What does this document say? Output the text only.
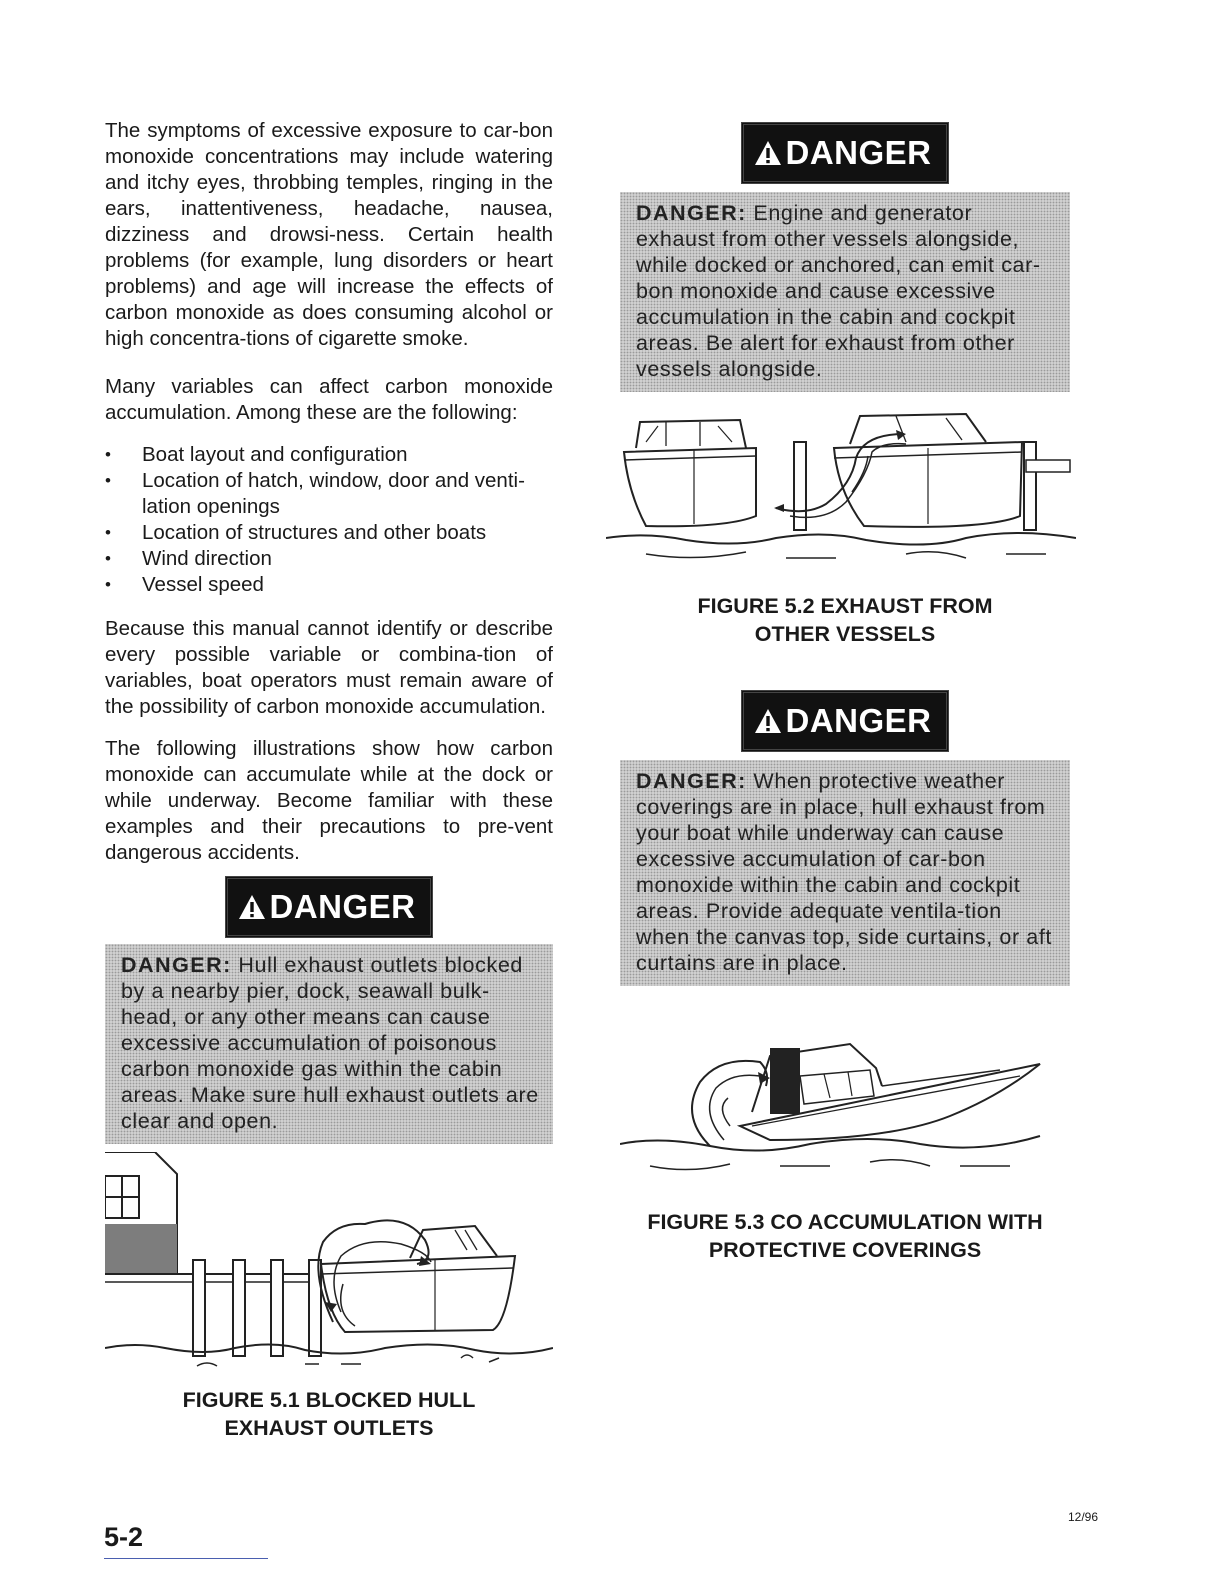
The symptoms of excessive exposure to car-bon monoxide concentrations may include watering and itchy eyes, throbbing temples, ringing in the ears, inattentiveness, headache, nausea, dizziness and drowsi-ness. Certain health problems (for example, lung disorders or heart problems) and age will increase the effects of carbon monoxide as does consuming alcohol or high concentra-tions of cigarette smoke.

Many variables can affect carbon monoxide accumulation. Among these are the following:

• Boat layout and configuration
• Location of hatch, window, door and venti-lation openings
• Location of structures and other boats
• Wind direction
• Vessel speed

Because this manual cannot identify or describe every possible variable or combina-tion of variables, boat operators must remain aware of the possibility of carbon monoxide accumulation.

The following illustrations show how carbon monoxide can accumulate while at the dock or while underway. Become familiar with these examples and their precautions to pre-vent dangerous accidents.

DANGER
DANGER: Hull exhaust outlets blocked by a nearby pier, dock, seawall bulk-head, or any other means can cause excessive accumulation of poisonous carbon monoxide gas within the cabin areas. Make sure hull exhaust outlets are clear and open.

FIGURE 5.1 BLOCKED HULL

EXHAUST OUTLETS

DANGER
DANGER: Engine and generator exhaust from other vessels alongside, while docked or anchored, can emit car-bon monoxide and cause excessive accumulation in the cabin and cockpit areas. Be alert for exhaust from other vessels alongside.

FIGURE 5.2 EXHAUST FROM

OTHER VESSELS

DANGER
DANGER: When protective weather coverings are in place, hull exhaust from your boat while underway can cause excessive accumulation of car-bon monoxide within the cabin and cockpit areas. Provide adequate ventila-tion when the canvas top, side curtains, or aft curtains are in place.

FIGURE 5.3 CO ACCUMULATION WITH

PROTECTIVE COVERINGS

5-2
12/96
